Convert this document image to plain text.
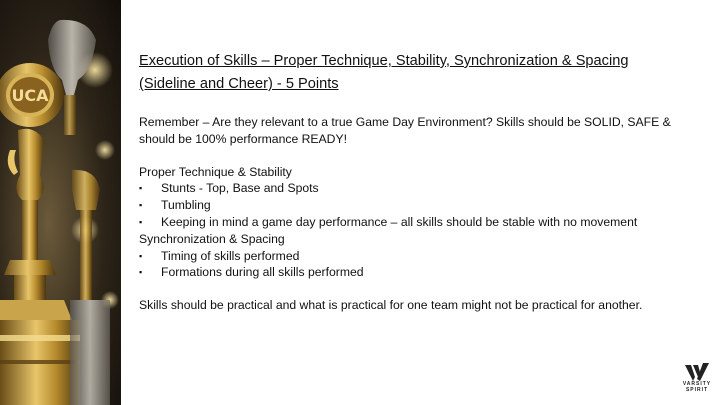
UCA

Execution of Skills – Proper Technique, Stability, Synchronization & Spacing (Sideline and Cheer) - 5 Points

Remember – Are they relevant to a true Game Day Environment? Skills should be SOLID, SAFE & should be 100% performance READY!

Proper Technique & Stability

▪	Stunts - Top, Base and Spots
▪	Tumbling
▪	Keeping in mind a game day performance – all skills should be stable with no movement

Synchronization & Spacing

▪	Timing of skills performed
▪	Formations during all skills performed

Skills should be practical and what is practical for one team might not be practical for another.

VARSITY
SPIRIT
